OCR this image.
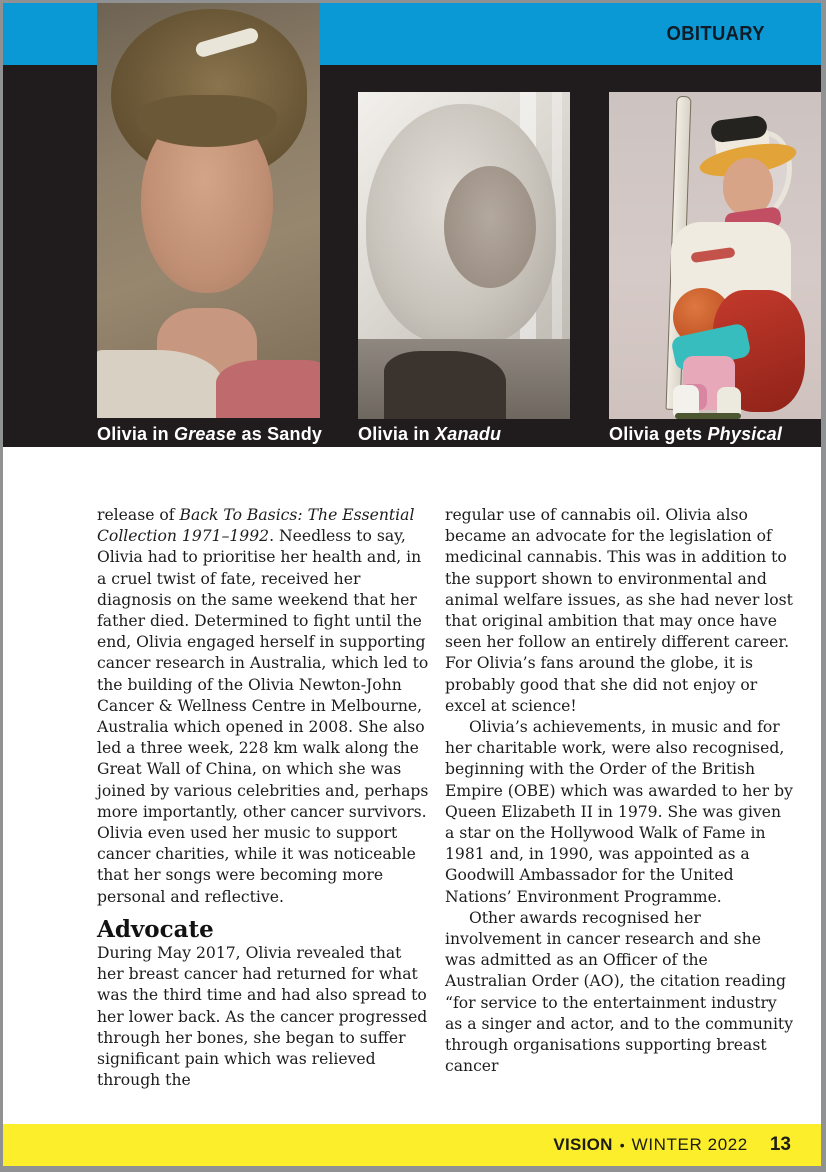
OBITUARY
Olivia in Grease as Sandy Olivia in Xanadu	Olivia gets Physical

release of Back To Basics: The Essential Collection 1971–1992. Needless to say, Olivia had to prioritise her health and, in a cruel twist of fate, received her diagnosis on the same weekend that her father died. Determined to fight until the end, Olivia engaged herself in supporting cancer research in Australia, which led to the building of the Olivia Newton-John Cancer & Wellness Centre in Melbourne, Australia which opened in 2008. She also led a three week, 228 km walk along the Great Wall of China, on which she was joined by various celebrities and, perhaps more importantly, other cancer survivors. Olivia even used her music to support cancer charities, while it was noticeable that her songs were becoming more personal and reflective.

Advocate

During May 2017, Olivia revealed that her breast cancer had returned for what was the third time and had also spread to her lower back. As the cancer progressed through her bones, she began to suffer significant pain which was relieved through the

regular use of cannabis oil. Olivia also became an advocate for the legislation of medicinal cannabis. This was in addition to the support shown to environmental and animal welfare issues, as she had never lost that original ambition that may once have seen her follow an entirely different career. For Olivia’s fans around the globe, it is probably good that she did not enjoy or excel at science!

Olivia’s achievements, in music and for her charitable work, were also recognised, beginning with the Order of the British Empire (OBE) which was awarded to her by Queen Elizabeth II in 1979. She was given a star on the Hollywood Walk of Fame in 1981 and, in 1990, was appointed as a Goodwill Ambassador for the United Nations’ Environment Programme.

Other awards recognised her involvement in cancer research and she was admitted as an Officer of the Australian Order (AO), the citation reading “for service to the entertainment industry as a singer and actor, and to the community through organisations supporting breast cancer

VISION • WINTER 2022 13
